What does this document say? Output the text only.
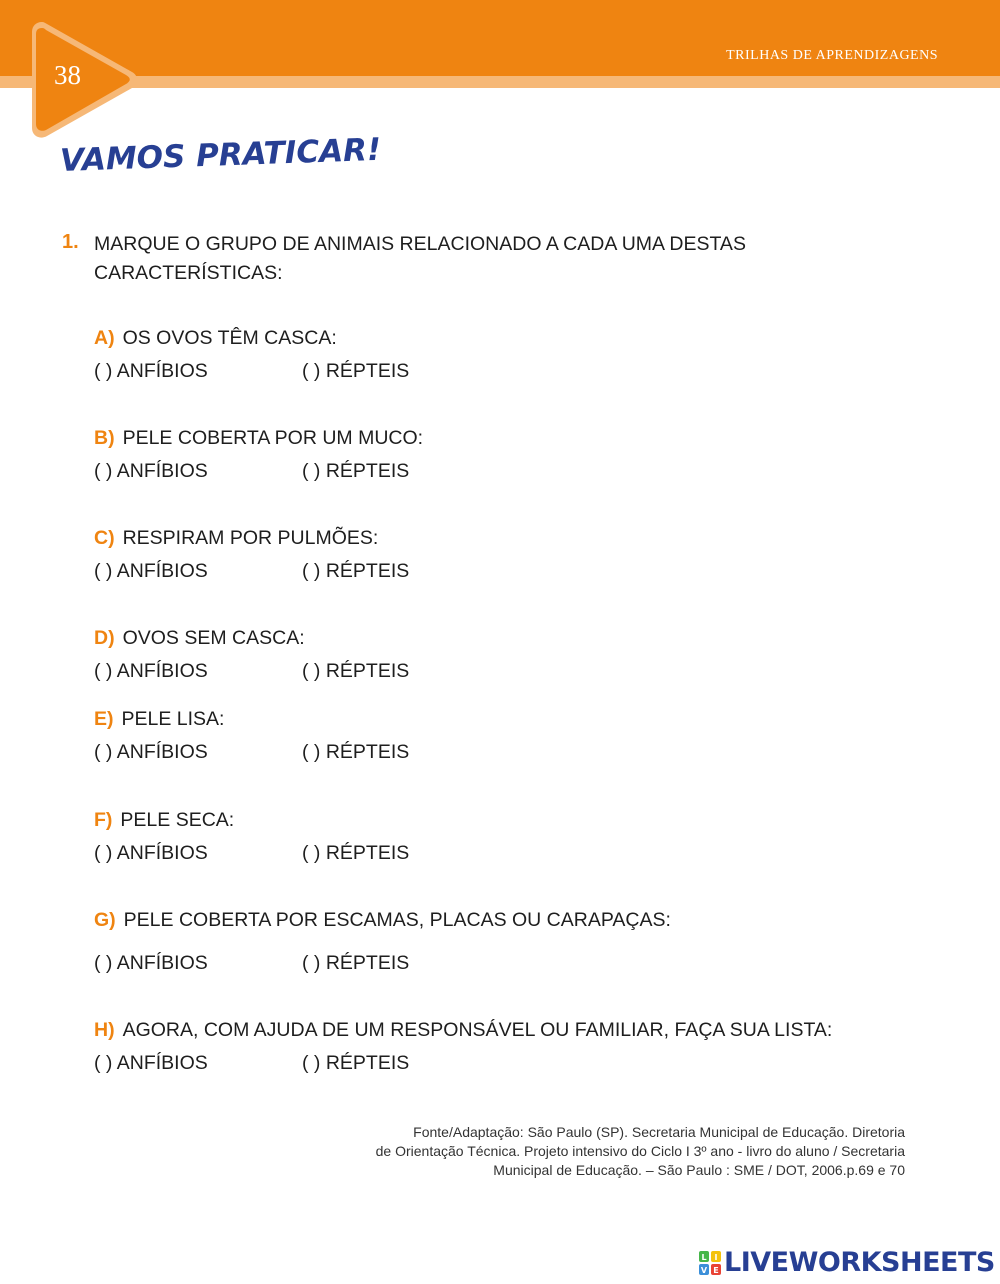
38
TRILHAS DE APRENDIZAGENS
VAMOS PRATICAR!
1. MARQUE O GRUPO DE ANIMAIS RELACIONADO A CADA UMA DESTAS CARACTERÍSTICAS:
A) OS OVOS TÊM CASCA:
( ) ANFÍBIOS	( ) RÉPTEIS
B) PELE COBERTA POR UM MUCO:
( ) ANFÍBIOS	( ) RÉPTEIS
C) RESPIRAM POR PULMÕES:
( ) ANFÍBIOS	( ) RÉPTEIS
D) OVOS SEM CASCA:
( ) ANFÍBIOS	( ) RÉPTEIS
E) PELE LISA:
( ) ANFÍBIOS	( ) RÉPTEIS
F) PELE SECA:
( ) ANFÍBIOS	( ) RÉPTEIS
G) PELE COBERTA POR ESCAMAS, PLACAS OU CARAPAÇAS:
( ) ANFÍBIOS	( ) RÉPTEIS
H) AGORA, COM AJUDA DE UM RESPONSÁVEL OU FAMILIAR, FAÇA SUA LISTA:
( ) ANFÍBIOS	( ) RÉPTEIS
Fonte/Adaptação: São Paulo (SP). Secretaria Municipal de Educação. Diretoria
de Orientação Técnica. Projeto intensivo do Ciclo I 3º ano - livro do aluno / Secretaria
Municipal de Educação. – São Paulo : SME / DOT, 2006.p.69 e 70
L I
V E LIVEWORKSHEETS
